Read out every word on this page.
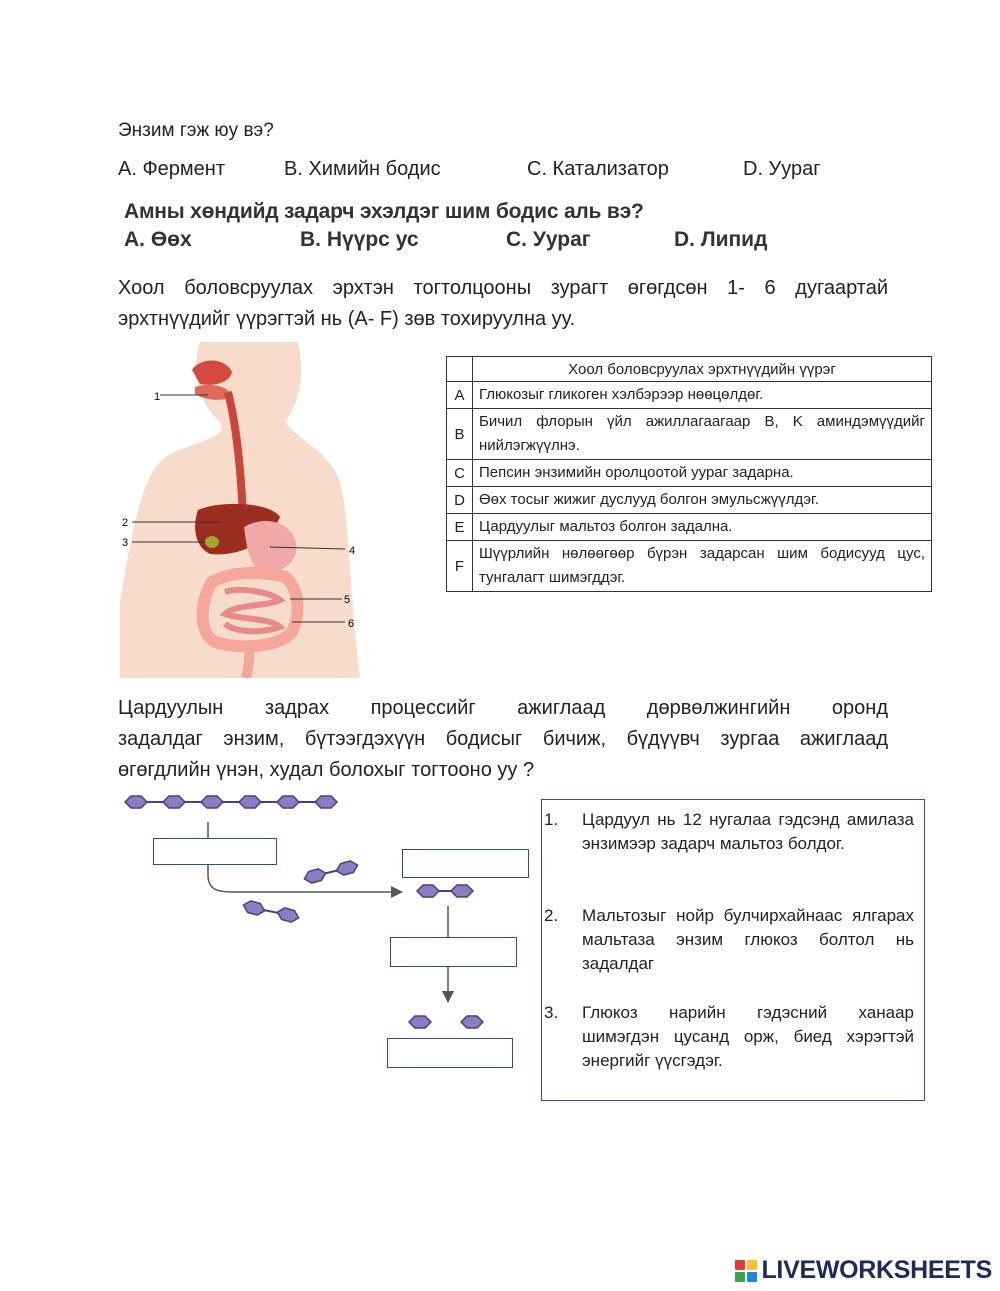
Энзим гэж юу вэ?
A. Фермент	B. Химийн бодис	C. Катализатор	D. Уураг
Амны хөндийд задарч эхэлдэг шим бодис аль вэ?
А. Өөх	В. Нүүрс ус	С. Уураг	D. Липид
Хоол боловсруулах эрхтэн тогтолцооны зурагт өгөгдсөн 1- 6 дугаартай эрхтнүүдийг үүрэгтэй нь (А- F) зөв тохируулна уу.
1
2
3
4
5
6
	Хоол боловсруулах эрхтнүүдийн үүрэг
A	Глюкозыг гликоген хэлбэрээр нөөцөлдөг.
B	Бичил флорын үйл ажиллагаагаар B, K аминдэмүүдийг нийлэгжүүлнэ.
C	Пепсин энзимийн оролцоотой уураг задарна.
D	Өөх тосыг жижиг дуслууд болгон эмульсжүүлдэг.
E	Цардуулыг мальтоз болгон задална.
F	Шүүрлийн нөлөөгөөр бүрэн задарсан шим бодисууд цус, тунгалагт шимэгддэг.
Цардуулын задрах процессийг ажиглаад дөрвөлжингийн оронд
задалдаг энзим, бүтээгдэхүүн бодисыг бичиж, бүдүүвч зургаа ажиглаад
өгөгдлийн үнэн, худал болохыг тогтооно уу ?
1. Цардуул нь 12 нугалаа гэдсэнд амилаза энзимээр задарч мальтоз болдог.
2. Мальтозыг нойр булчирхайнаас ялгарах мальтаза энзим глюкоз болтол нь задалдаг
3. Глюкоз нарийн гэдэсний ханаар шимэгдэн цусанд орж, биед хэрэгтэй энергийг үүсгэдэг.
LIVEWORKSHEETS
